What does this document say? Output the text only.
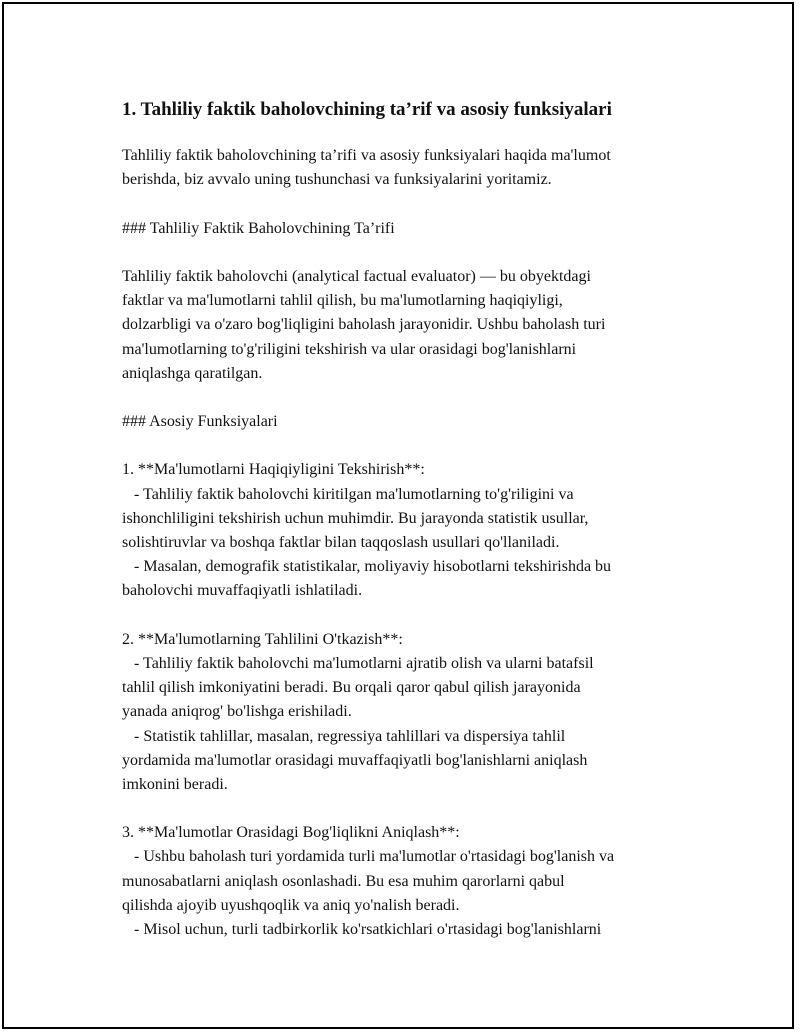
1. Tahliliy faktik baholovchining ta’rif va asosiy funksiyalari
Tahliliy faktik baholovchining ta’rifi va asosiy funksiyalari haqida ma'lumot
berishda, biz avvalo uning tushunchasi va funksiyalarini yoritamiz.
### Tahliliy Faktik Baholovchining Ta’rifi
Tahliliy faktik baholovchi (analytical factual evaluator) — bu obyektdagi
faktlar va ma'lumotlarni tahlil qilish, bu ma'lumotlarning haqiqiyligi,
dolzarbligi va o'zaro bog'liqligini baholash jarayonidir. Ushbu baholash turi
ma'lumotlarning to'g'riligini tekshirish va ular orasidagi bog'lanishlarni
aniqlashga qaratilgan.
### Asosiy Funksiyalari
1. **Ma'lumotlarni Haqiqiyligini Tekshirish**:
- Tahliliy faktik baholovchi kiritilgan ma'lumotlarning to'g'riligini va
ishonchliligini tekshirish uchun muhimdir. Bu jarayonda statistik usullar,
solishtiruvlar va boshqa faktlar bilan taqqoslash usullari qo'llaniladi.
- Masalan, demografik statistikalar, moliyaviy hisobotlarni tekshirishda bu
baholovchi muvaffaqiyatli ishlatiladi.
2. **Ma'lumotlarning Tahlilini O'tkazish**:
- Tahliliy faktik baholovchi ma'lumotlarni ajratib olish va ularni batafsil
tahlil qilish imkoniyatini beradi. Bu orqali qaror qabul qilish jarayonida
yanada aniqrog' bo'lishga erishiladi.
- Statistik tahlillar, masalan, regressiya tahlillari va dispersiya tahlil
yordamida ma'lumotlar orasidagi muvaffaqiyatli bog'lanishlarni aniqlash
imkonini beradi.
3. **Ma'lumotlar Orasidagi Bog'liqlikni Aniqlash**:
- Ushbu baholash turi yordamida turli ma'lumotlar o'rtasidagi bog'lanish va
munosabatlarni aniqlash osonlashadi. Bu esa muhim qarorlarni qabul
qilishda ajoyib uyushqoqlik va aniq yo'nalish beradi.
- Misol uchun, turli tadbirkorlik ko'rsatkichlari o'rtasidagi bog'lanishlarni
